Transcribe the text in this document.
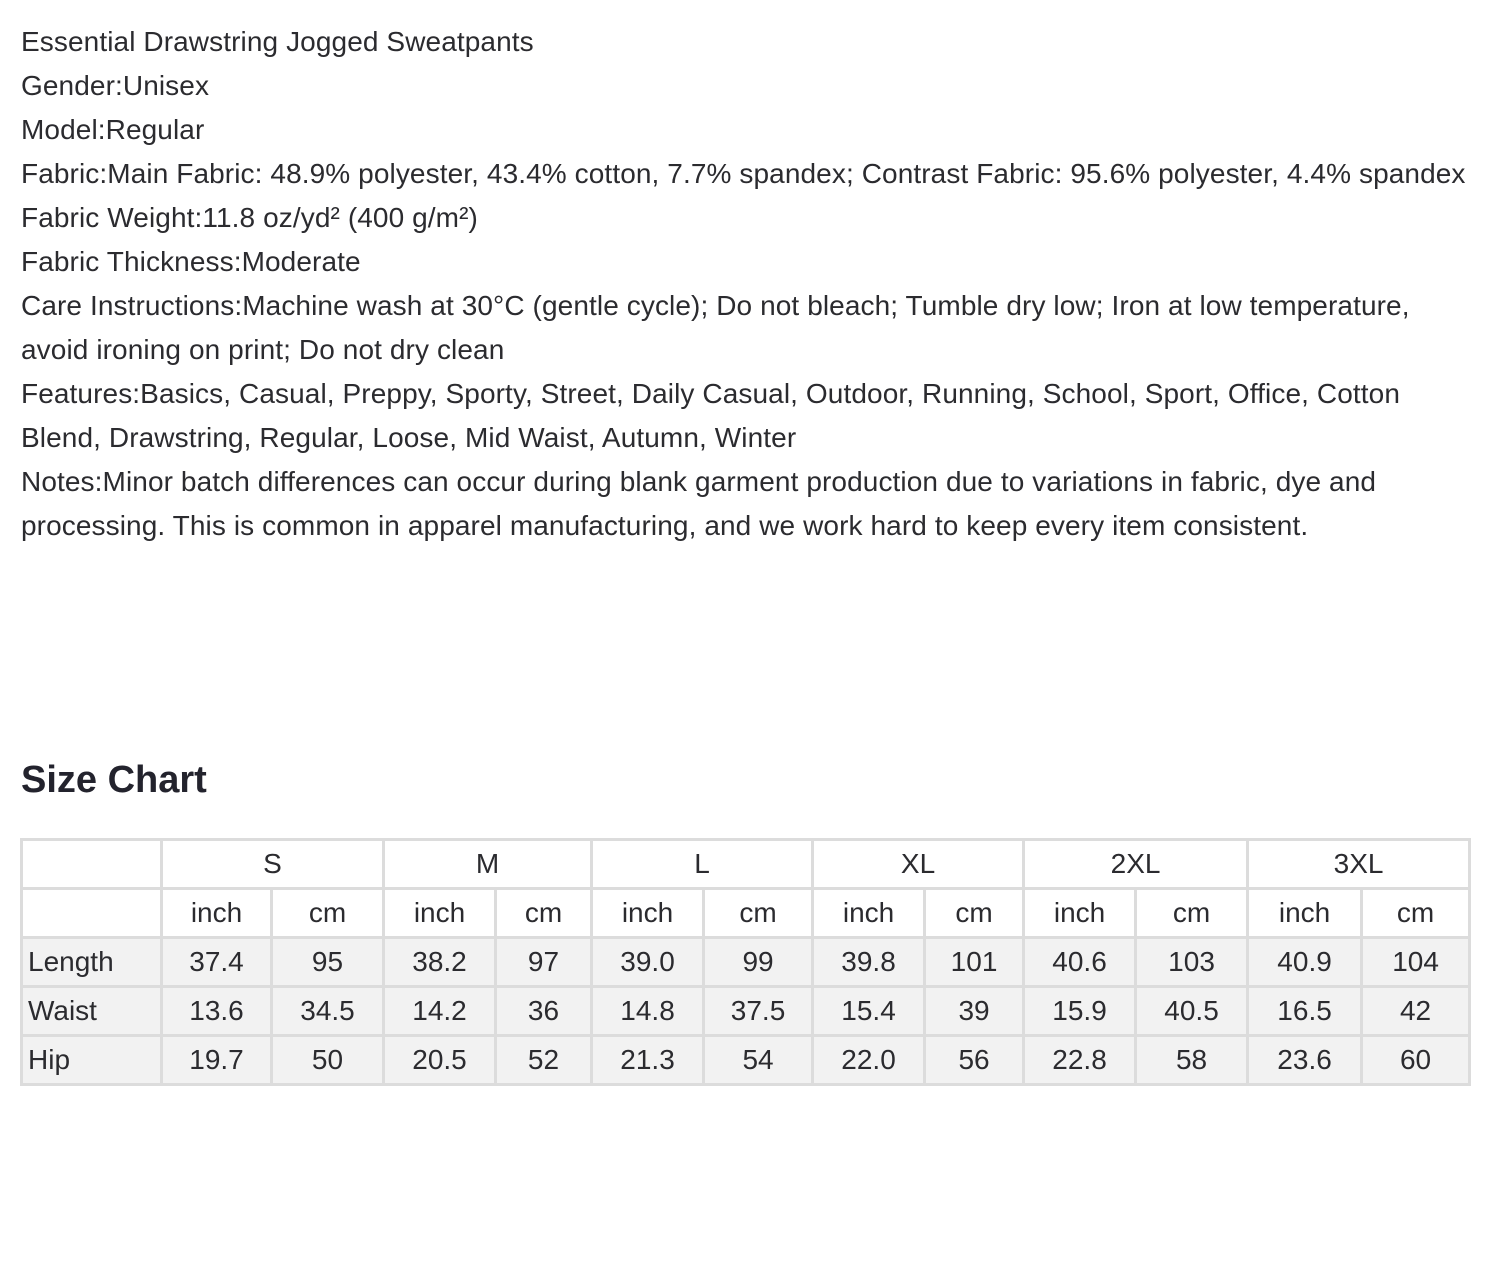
Essential Drawstring Jogged Sweatpants
Gender:Unisex
Model:Regular
Fabric:Main Fabric: 48.9% polyester, 43.4% cotton, 7.7% spandex; Contrast Fabric: 95.6% polyester, 4.4% spandex
Fabric Weight:11.8 oz/yd² (400 g/m²)
Fabric Thickness:Moderate
Care Instructions:Machine wash at 30°C (gentle cycle); Do not bleach; Tumble dry low; Iron at low temperature, avoid ironing on print; Do not dry clean
Features:Basics, Casual, Preppy, Sporty, Street, Daily Casual, Outdoor, Running, School, Sport, Office, Cotton Blend, Drawstring, Regular, Loose, Mid Waist, Autumn, Winter
Notes:Minor batch differences can occur during blank garment production due to variations in fabric, dye and processing. This is common in apparel manufacturing, and we work hard to keep every item consistent.
Size Chart
	S		M		L		XL		2XL		3XL	
	inch	cm	inch	cm	inch	cm	inch	cm	inch	cm	inch	cm
Length	37.4	95	38.2	97	39.0	99	39.8	101	40.6	103	40.9	104
Waist	13.6	34.5	14.2	36	14.8	37.5	15.4	39	15.9	40.5	16.5	42
Hip	19.7	50	20.5	52	21.3	54	22.0	56	22.8	58	23.6	60
